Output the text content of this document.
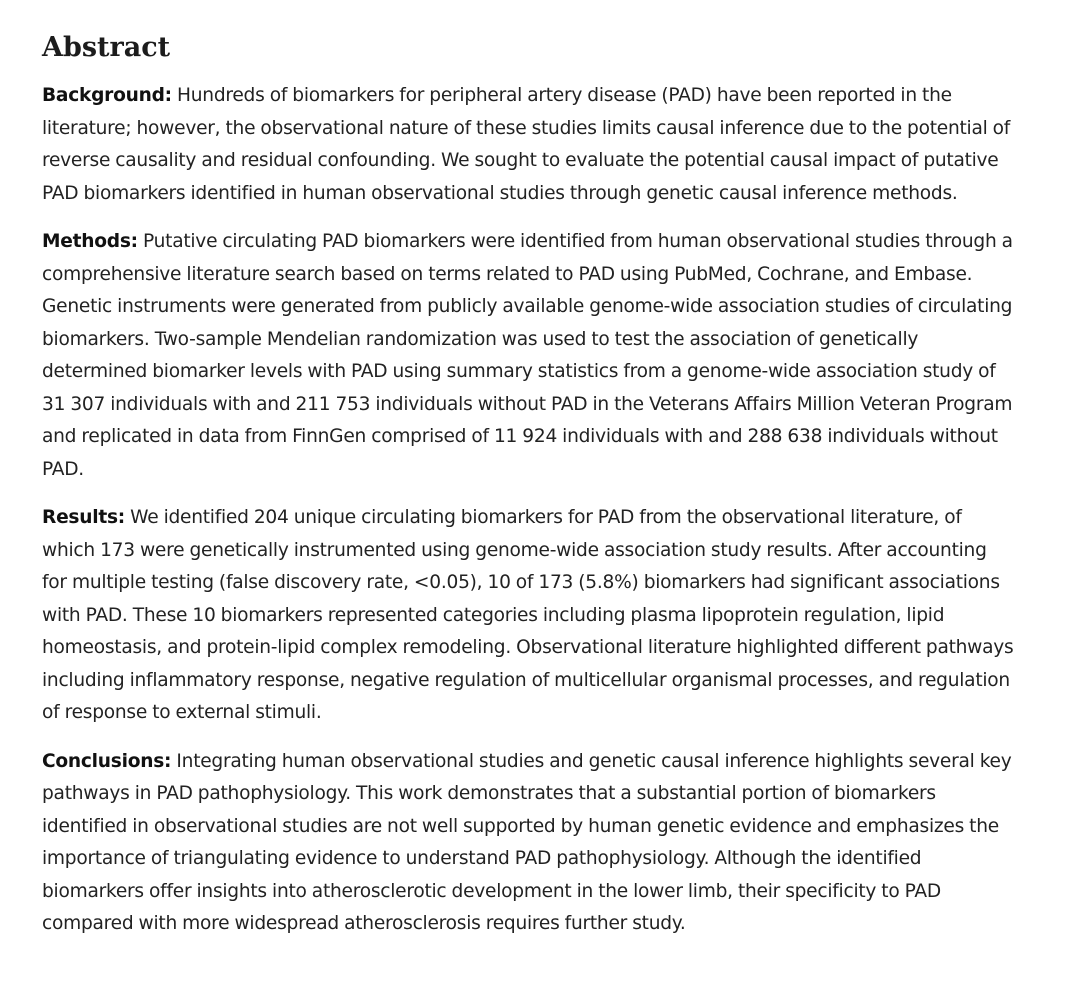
Abstract

Background: Hundreds of biomarkers for peripheral artery disease (PAD) have been reported in the literature; however, the observational nature of these studies limits causal inference due to the potential of reverse causality and residual confounding. We sought to evaluate the potential causal impact of putative PAD biomarkers identified in human observational studies through genetic causal inference methods.

Methods: Putative circulating PAD biomarkers were identified from human observational studies through a comprehensive literature search based on terms related to PAD using PubMed, Cochrane, and Embase. Genetic instruments were generated from publicly available genome-wide association studies of circulating biomarkers. Two-sample Mendelian randomization was used to test the association of genetically determined biomarker levels with PAD using summary statistics from a genome-wide association study of 31 307 individuals with and 211 753 individuals without PAD in the Veterans Affairs Million Veteran Program and replicated in data from FinnGen comprised of 11 924 individuals with and 288 638 individuals without PAD.

Results: We identified 204 unique circulating biomarkers for PAD from the observational literature, of which 173 were genetically instrumented using genome-wide association study results. After accounting for multiple testing (false discovery rate, <0.05), 10 of 173 (5.8%) biomarkers had significant associations with PAD. These 10 biomarkers represented categories including plasma lipoprotein regulation, lipid homeostasis, and protein-lipid complex remodeling. Observational literature highlighted different pathways including inflammatory response, negative regulation of multicellular organismal processes, and regulation of response to external stimuli.

Conclusions: Integrating human observational studies and genetic causal inference highlights several key pathways in PAD pathophysiology. This work demonstrates that a substantial portion of biomarkers identified in observational studies are not well supported by human genetic evidence and emphasizes the importance of triangulating evidence to understand PAD pathophysiology. Although the identified biomarkers offer insights into atherosclerotic development in the lower limb, their specificity to PAD compared with more widespread atherosclerosis requires further study.
